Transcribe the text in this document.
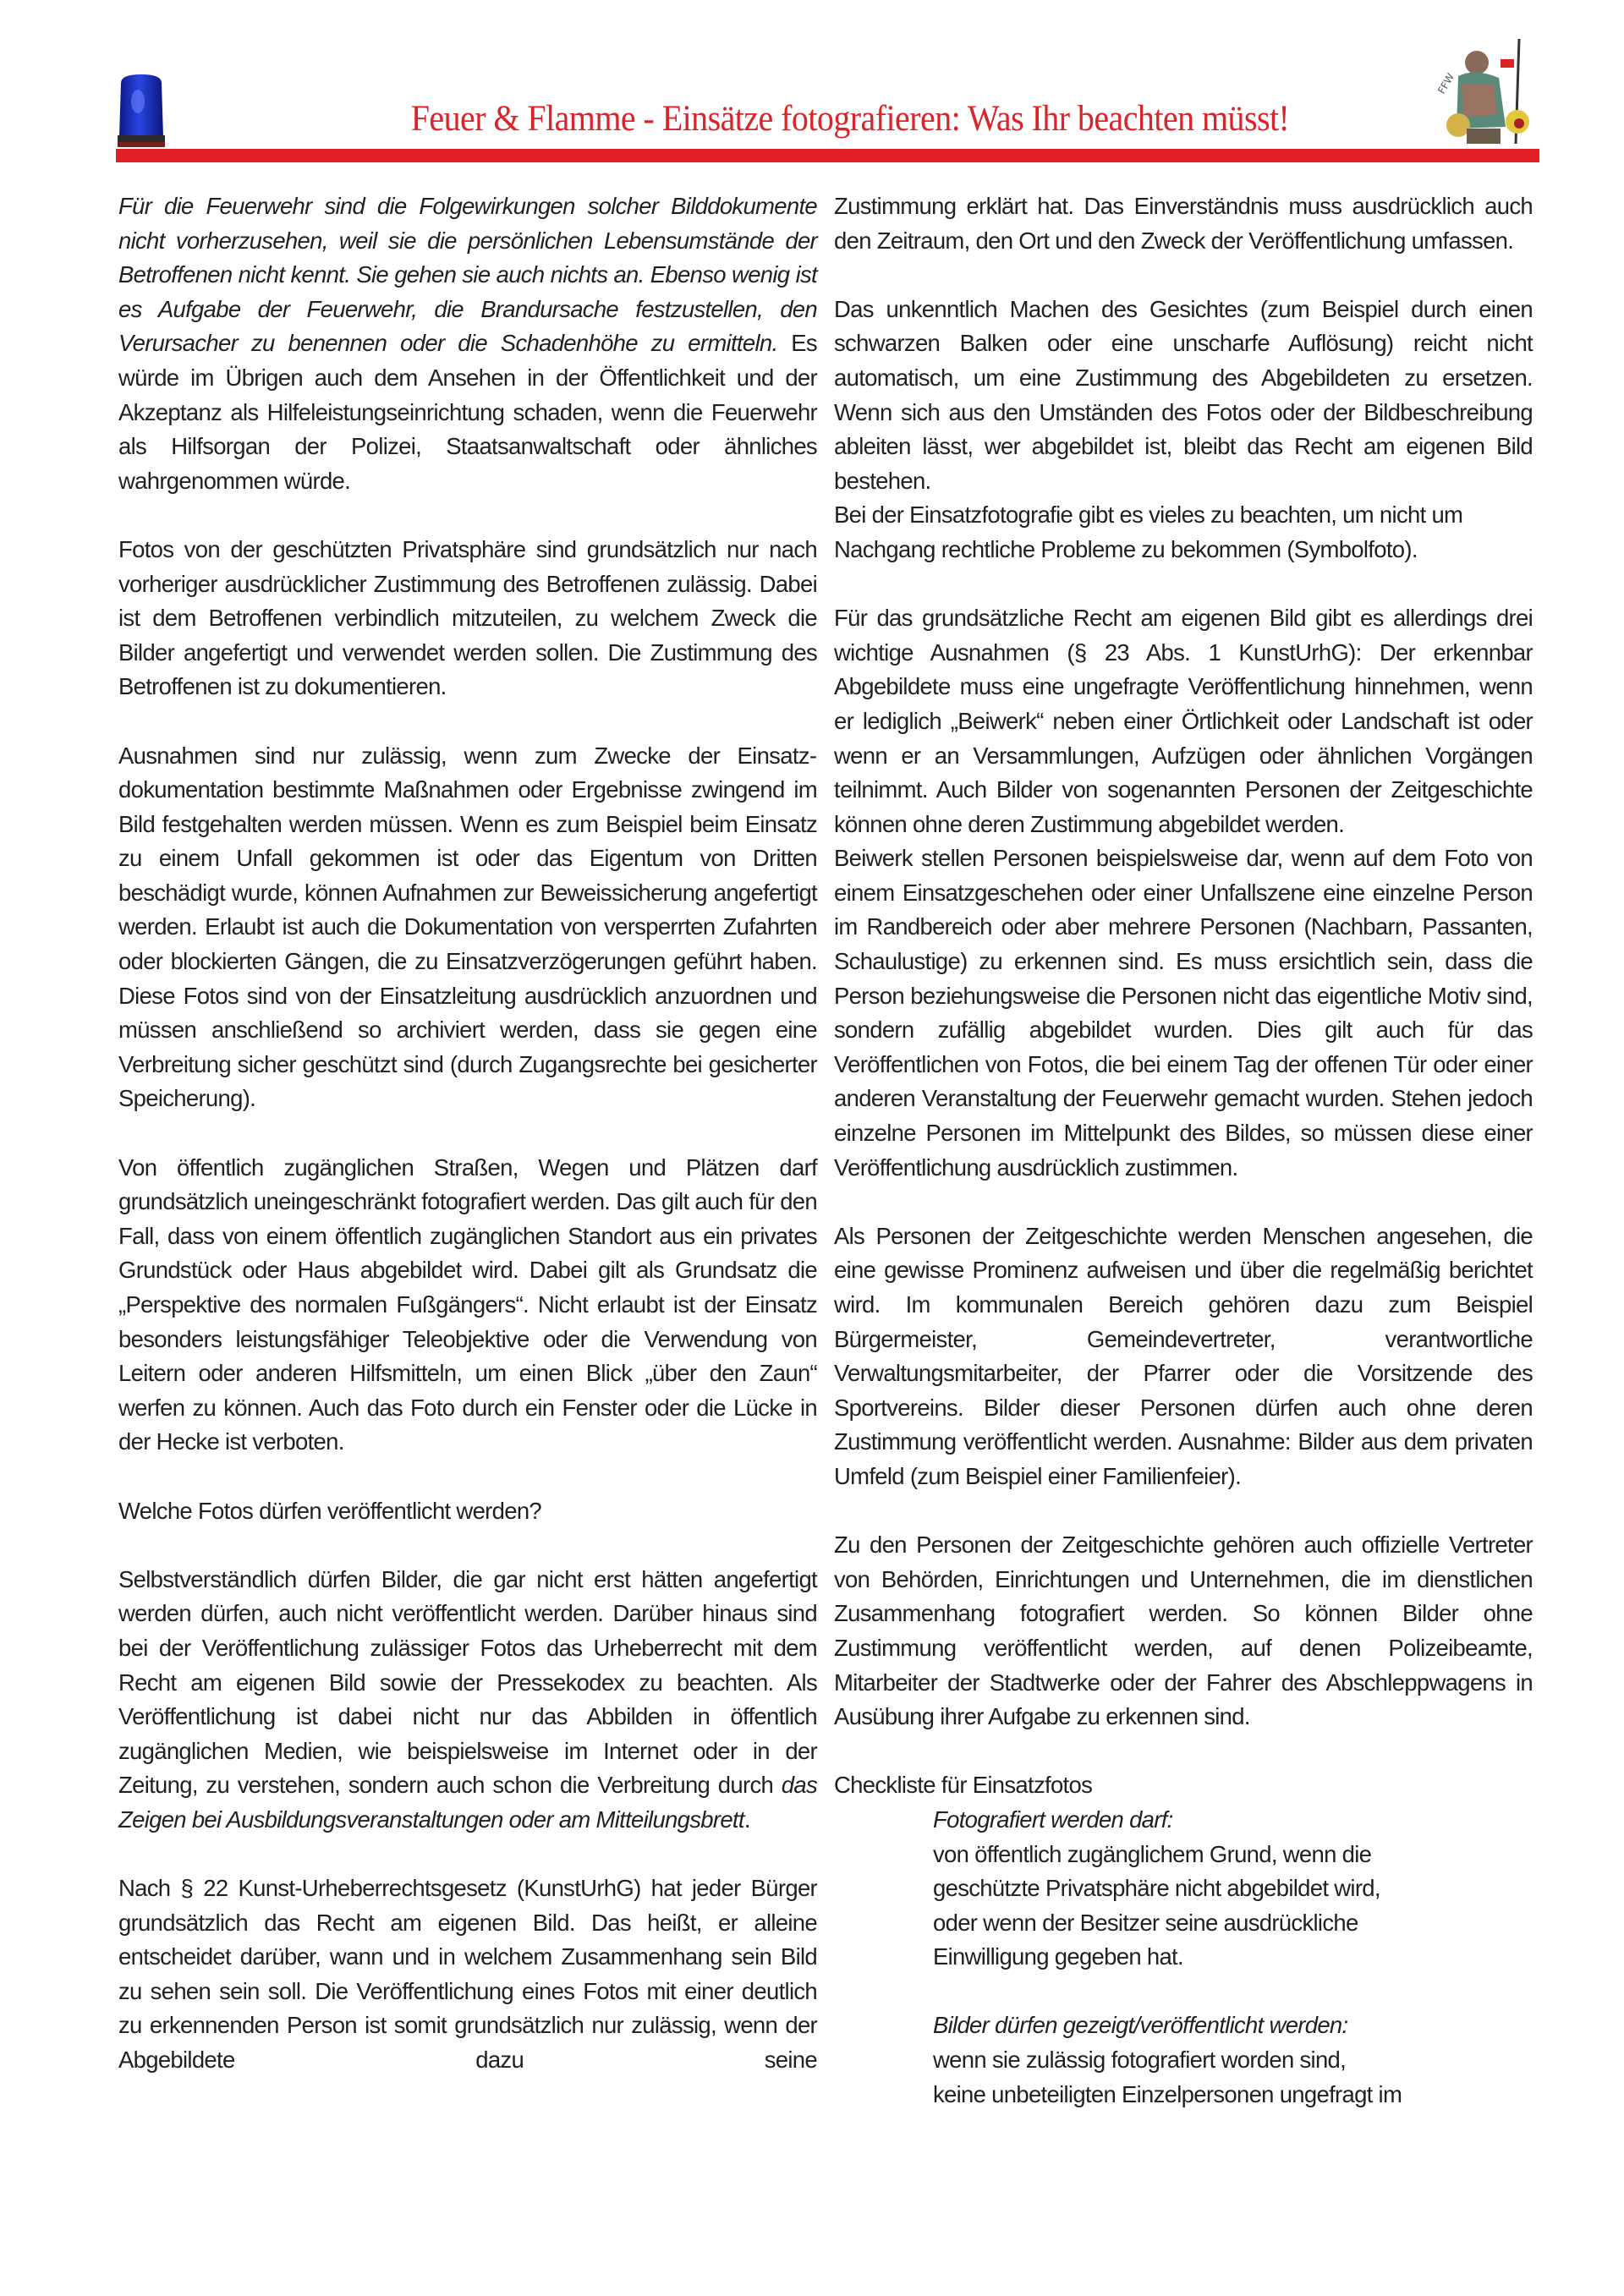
FFW
Feuer & Flamme - Einsätze fotografieren: Was Ihr beachten müsst!

Für die Feuerwehr sind die Folgewirkungen solcher Bilddokumente nicht vorherzusehen, weil sie die persönlichen Lebensumstände der Betroffenen nicht kennt. Sie gehen sie auch nichts an. Ebenso wenig ist es Aufgabe der Feuerwehr, die Brandursache festzustellen, den Verursacher zu benennen oder die Schadenhöhe zu ermitteln. Es würde im Übrigen auch dem Ansehen in der Öffentlichkeit und der Akzeptanz als Hilfeleistungseinrichtung schaden, wenn die Feuerwehr als Hilfsorgan der Polizei, Staatsanwaltschaft oder ähnliches wahrgenommen würde.

Fotos von der geschützten Privatsphäre sind grundsätzlich nur nach vorheriger ausdrücklicher Zustimmung des Betroffenen zulässig. Dabei ist dem Betroffenen verbindlich mitzuteilen, zu welchem Zweck die Bilder angefertigt und verwendet werden sollen. Die Zustimmung des Betroffenen ist zu dokumentieren.

Ausnahmen sind nur zulässig, wenn zum Zwecke der Einsatzdokumentation bestimmte Maßnahmen oder Ergebnisse zwingend im Bild festgehalten werden müssen. Wenn es zum Beispiel beim Einsatz zu einem Unfall gekommen ist oder das Eigentum von Dritten beschädigt wurde, können Aufnahmen zur Beweissicherung angefertigt werden. Erlaubt ist auch die Dokumentation von versperrten Zufahrten oder blockierten Gängen, die zu Einsatzverzögerungen geführt haben. Diese Fotos sind von der Einsatzleitung ausdrücklich anzuordnen und müssen anschließend so archiviert werden, dass sie gegen eine Verbreitung sicher geschützt sind (durch Zugangsrechte bei gesicherter Speicherung).

Von öffentlich zugänglichen Straßen, Wegen und Plätzen darf grundsätzlich uneingeschränkt fotografiert werden. Das gilt auch für den Fall, dass von einem öffentlich zugänglichen Standort aus ein privates Grundstück oder Haus abgebildet wird. Dabei gilt als Grundsatz die „Perspektive des normalen Fußgängers“. Nicht erlaubt ist der Einsatz besonders leistungsfähiger Teleobjektive oder die Verwendung von Leitern oder anderen Hilfsmitteln, um einen Blick „über den Zaun“ werfen zu können. Auch das Foto durch ein Fenster oder die Lücke in der Hecke ist verboten.

Welche Fotos dürfen veröffentlicht werden?

Selbstverständlich dürfen Bilder, die gar nicht erst hätten angefertigt werden dürfen, auch nicht veröffentlicht werden. Darüber hinaus sind bei der Veröffentlichung zulässiger Fotos das Urheberrecht mit dem Recht am eigenen Bild sowie der Pressekodex zu beachten. Als Veröffentlichung ist dabei nicht nur das Abbilden in öffentlich zugänglichen Medien, wie beispielsweise im Internet oder in der Zeitung, zu verstehen, sondern auch schon die Verbreitung durch das Zeigen bei Ausbildungsveranstaltungen oder am Mitteilungsbrett.

Nach § 22 Kunst-Urheberrechtsgesetz (KunstUrhG) hat jeder Bürger grundsätzlich das Recht am eigenen Bild. Das heißt, er alleine entscheidet darüber, wann und in welchem Zusammenhang sein Bild zu sehen sein soll. Die Veröffentlichung eines Fotos mit einer deutlich zu erkennenden Person ist somit grundsätzlich nur zulässig, wenn der Abgebildete dazu seine

Zustimmung erklärt hat. Das Einverständnis muss ausdrücklich auch den Zeitraum, den Ort und den Zweck der Veröffentlichung umfassen.

Das unkenntlich Machen des Gesichtes (zum Beispiel durch einen schwarzen Balken oder eine unscharfe Auflösung) reicht nicht automatisch, um eine Zustimmung des Abgebildeten zu ersetzen. Wenn sich aus den Umständen des Fotos oder der Bildbeschreibung ableiten lässt, wer abgebildet ist, bleibt das Recht am eigenen Bild bestehen.

Bei der Einsatzfotografie gibt es vieles zu beachten, um nicht um Nachgang rechtliche Probleme zu bekommen (Symbolfoto).

Für das grundsätzliche Recht am eigenen Bild gibt es allerdings drei wichtige Ausnahmen (§ 23 Abs. 1 KunstUrhG): Der erkennbar Abgebildete muss eine ungefragte Veröffentlichung hinnehmen, wenn er lediglich „Beiwerk“ neben einer Örtlichkeit oder Landschaft ist oder wenn er an Versammlungen, Aufzügen oder ähnlichen Vorgängen teilnimmt. Auch Bilder von sogenannten Personen der Zeitgeschichte können ohne deren Zustimmung abgebildet werden.

Beiwerk stellen Personen beispielsweise dar, wenn auf dem Foto von einem Einsatzgeschehen oder einer Unfallszene eine einzelne Person im Randbereich oder aber mehrere Personen (Nachbarn, Passanten, Schaulustige) zu erkennen sind. Es muss ersichtlich sein, dass die Person beziehungsweise die Personen nicht das eigentliche Motiv sind, sondern zufällig abgebildet wurden. Dies gilt auch für das Veröffentlichen von Fotos, die bei einem Tag der offenen Tür oder einer anderen Veranstaltung der Feuerwehr gemacht wurden. Stehen jedoch einzelne Personen im Mittelpunkt des Bildes, so müssen diese einer Veröffentlichung ausdrücklich zustimmen.

Als Personen der Zeitgeschichte werden Menschen angesehen, die eine gewisse Prominenz aufweisen und über die regelmäßig berichtet wird. Im kommunalen Bereich gehören dazu zum Beispiel Bürgermeister, Gemeindevertreter, verantwortliche Verwaltungsmitarbeiter, der Pfarrer oder die Vorsitzende des Sportvereins. Bilder dieser Personen dürfen auch ohne deren Zustimmung veröffentlicht werden. Ausnahme: Bilder aus dem privaten Umfeld (zum Beispiel einer Familienfeier).

Zu den Personen der Zeitgeschichte gehören auch offizielle Vertreter von Behörden, Einrichtungen und Unternehmen, die im dienstlichen Zusammenhang fotografiert werden. So können Bilder ohne Zustimmung veröffentlicht werden, auf denen Polizeibeamte, Mitarbeiter der Stadtwerke oder der Fahrer des Abschleppwagens in Ausübung ihrer Aufgabe zu erkennen sind.

Checkliste für Einsatzfotos
Fotografiert werden darf:
von öffentlich zugänglichem Grund, wenn die
geschützte Privatsphäre nicht abgebildet wird,
oder wenn der Besitzer seine ausdrückliche
Einwilligung gegeben hat.
Bilder dürfen gezeigt/veröffentlicht werden:
wenn sie zulässig fotografiert worden sind,
keine unbeteiligten Einzelpersonen ungefragt im
